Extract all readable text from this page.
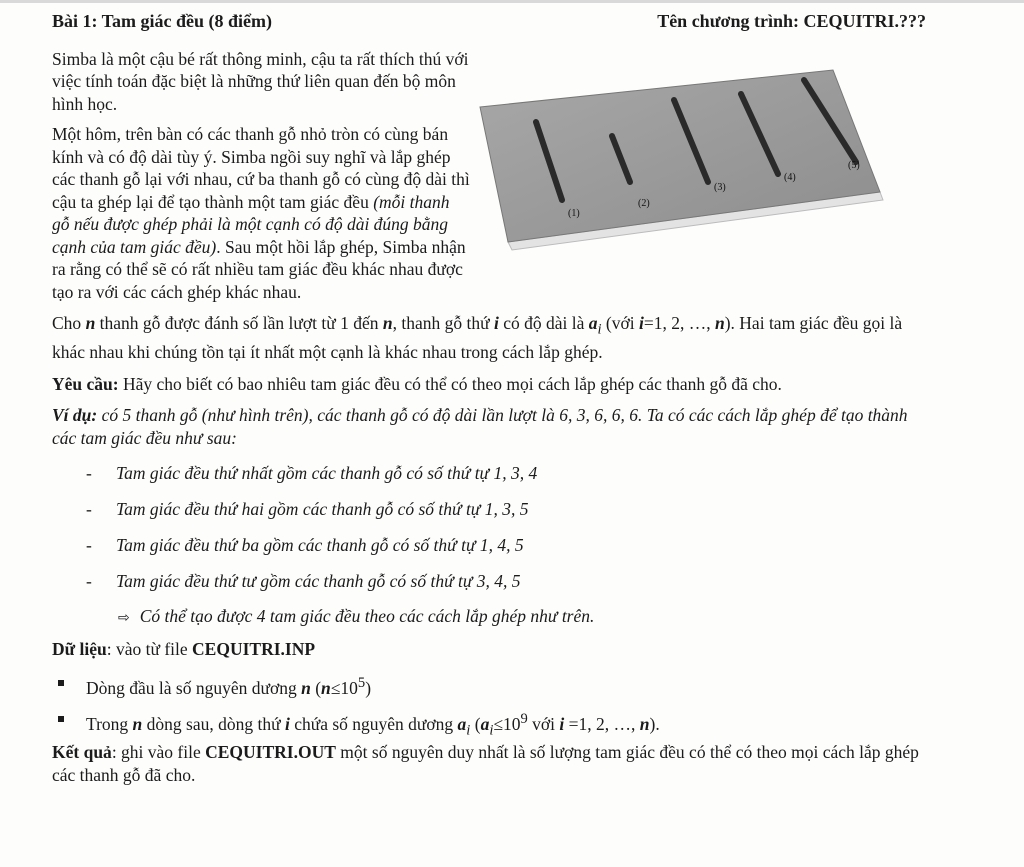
Bài 1: Tam giác đều (8 điểm)	Tên chương trình: CEQUITRI.???

Simba là một cậu bé rất thông minh, cậu ta rất thích thú với việc tính toán đặc biệt là những thứ liên quan đến bộ môn hình học.

Một hôm, trên bàn có các thanh gỗ nhỏ tròn có cùng bán kính và có độ dài tùy ý. Simba ngồi suy nghĩ và lắp ghép các thanh gỗ lại với nhau, cứ ba thanh gỗ có cùng độ dài thì cậu ta ghép lại để tạo thành một tam giác đều (mỗi thanh gỗ nếu được ghép phải là một cạnh có độ dài đúng bằng cạnh của tam giác đều). Sau một hồi lắp ghép, Simba nhận ra rằng có thể sẽ có rất nhiều tam giác đều khác nhau được tạo ra với các cách ghép khác nhau.

Cho n thanh gỗ được đánh số lần lượt từ 1 đến n, thanh gỗ thứ i có độ dài là $a_i$ (với i=1, 2, …, n). Hai tam giác đều gọi là khác nhau khi chúng tồn tại ít nhất một cạnh là khác nhau trong cách lắp ghép.

Yêu cầu: Hãy cho biết có bao nhiêu tam giác đều có thể có theo mọi cách lắp ghép các thanh gỗ đã cho.

Ví dụ: có 5 thanh gỗ (như hình trên), các thanh gỗ có độ dài lần lượt là 6, 3, 6, 6, 6. Ta có các cách lắp ghép để tạo thành các tam giác đều như sau:

- Tam giác đều thứ nhất gồm các thanh gỗ có số thứ tự 1, 3, 4
- Tam giác đều thứ hai gồm các thanh gỗ có số thứ tự 1, 3, 5
- Tam giác đều thứ ba gồm các thanh gỗ có số thứ tự 1, 4, 5
- Tam giác đều thứ tư gồm các thanh gỗ có số thứ tự 3, 4, 5
⇨ Có thể tạo được 4 tam giác đều theo các cách lắp ghép như trên.

Dữ liệu: vào từ file CEQUITRI.INP

Dòng đầu là số nguyên dương n $(n\le 10^5)$
Trong n dòng sau, dòng thứ i chứa số nguyên dương $a_i$ ($a_i\le 10^9$ với i =1, 2, …, n).

Kết quả: ghi vào file CEQUITRI.OUT một số nguyên duy nhất là số lượng tam giác đều có thể có theo mọi cách lắp ghép các thanh gỗ đã cho.

(1)
(2)
(3)
(4)
(5)
